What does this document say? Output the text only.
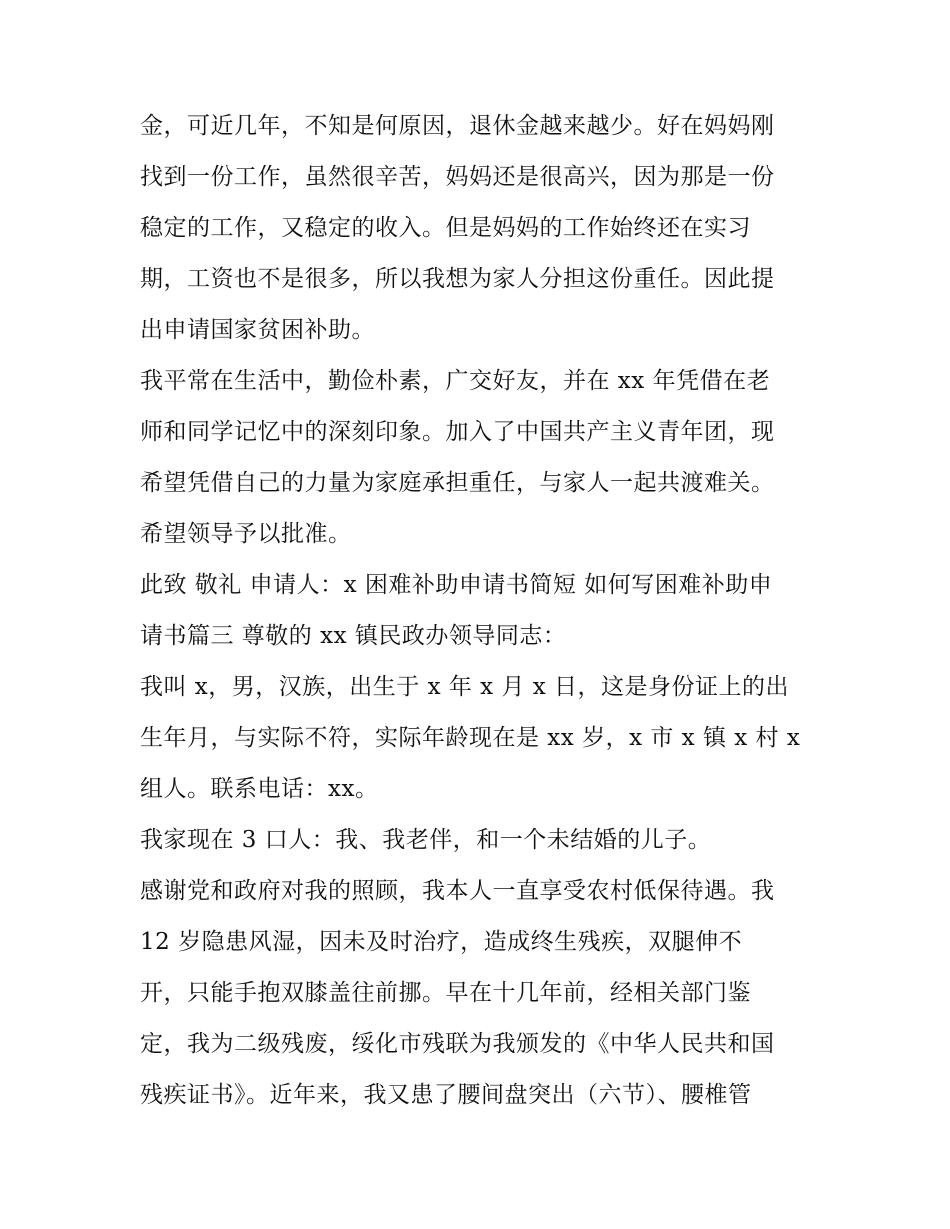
金，可近几年，不知是何原因，退休金越来越少。好在妈妈刚
找到一份工作，虽然很辛苦，妈妈还是很高兴，因为那是一份
稳定的工作，又稳定的收入。但是妈妈的工作始终还在实习
期，工资也不是很多，所以我想为家人分担这份重任。因此提
出申请国家贫困补助。
我平常在生活中，勤俭朴素，广交好友，并在 xx 年凭借在老
师和同学记忆中的深刻印象。加入了中国共产主义青年团，现
希望凭借自己的力量为家庭承担重任，与家人一起共渡难关。
希望领导予以批准。
此致 敬礼 申请人：x 困难补助申请书简短 如何写困难补助申
请书篇三 尊敬的 xx 镇民政办领导同志：
我叫 x，男，汉族，出生于 x 年 x 月 x 日，这是身份证上的出
生年月，与实际不符，实际年龄现在是 xx 岁，x 市 x 镇 x 村 x
组人。联系电话：xx。
我家现在 3 口人：我、我老伴，和一个未结婚的儿子。
感谢党和政府对我的照顾，我本人一直享受农村低保待遇。我
12 岁隐患风湿，因未及时治疗，造成终生残疾，双腿伸不
开，只能手抱双膝盖往前挪。早在十几年前，经相关部门鉴
定，我为二级残废，绥化市残联为我颁发的《中华人民共和国
残疾证书》。近年来，我又患了腰间盘突出（六节）、腰椎管
